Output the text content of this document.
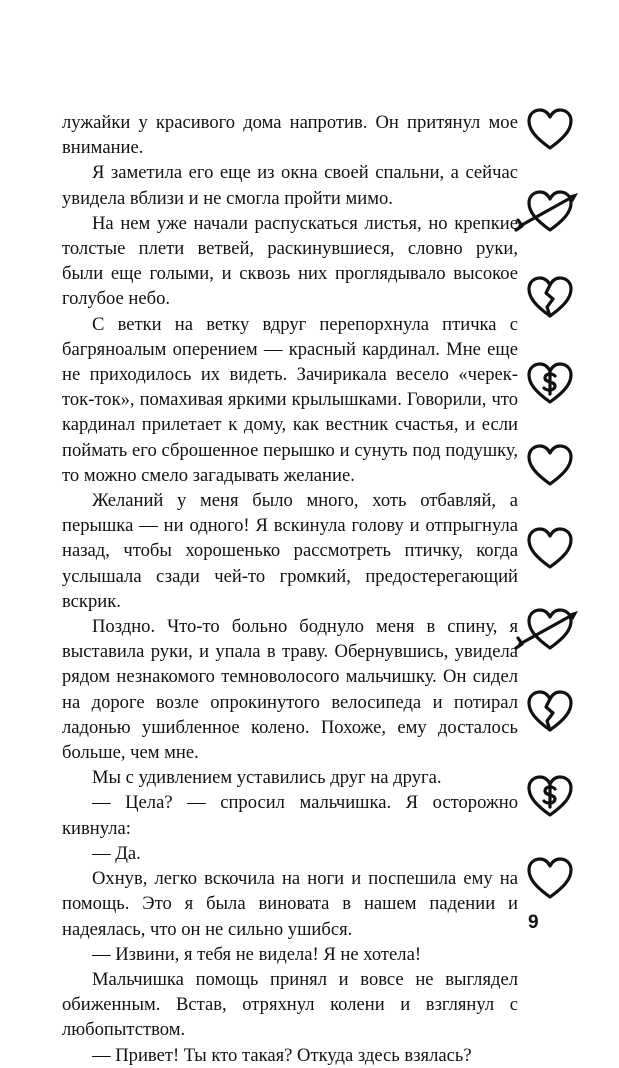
лужайки у красивого дома напротив. Он притянул мое внимание.

Я заметила его еще из окна своей спальни, а сейчас увидела вблизи и не смогла пройти мимо.

На нем уже начали распускаться листья, но крепкие толстые плети ветвей, раскинувшиеся, словно руки, были еще голыми, и сквозь них проглядывало высокое голубое небо.

С ветки на ветку вдруг перепорхнула птичка с багряноалым оперением — красный кардинал. Мне еще не приходилось их видеть. Зачирикала весело «черек-ток-ток», помахивая яркими крылышками. Говорили, что кардинал прилетает к дому, как вестник счастья, и если поймать его сброшенное перышко и сунуть под подушку, то можно смело загадывать желание.

Желаний у меня было много, хоть отбавляй, а перышка — ни одного! Я вскинула голову и отпрыгнула назад, чтобы хорошенько рассмотреть птичку, когда услышала сзади чей-то громкий, предостерегающий вскрик.

Поздно. Что-то больно боднуло меня в спину, я выставила руки, и упала в траву. Обернувшись, увидела рядом незнакомого темноволосого мальчишку. Он сидел на дороге возле опрокинутого велосипеда и потирал ладонью ушибленное колено. Похоже, ему досталось больше, чем мне.

Мы с удивлением уставились друг на друга.

— Цела? — спросил мальчишка. Я осторожно кивнула:

— Да.

Охнув, легко вскочила на ноги и поспешила ему на помощь. Это я была виновата в нашем падении и надеялась, что он не сильно ушибся.

— Извини, я тебя не видела! Я не хотела!

Мальчишка помощь принял и вовсе не выглядел обиженным. Встав, отряхнул колени и взглянул с любопытством.

— Привет! Ты кто такая? Откуда здесь взялась?

9
